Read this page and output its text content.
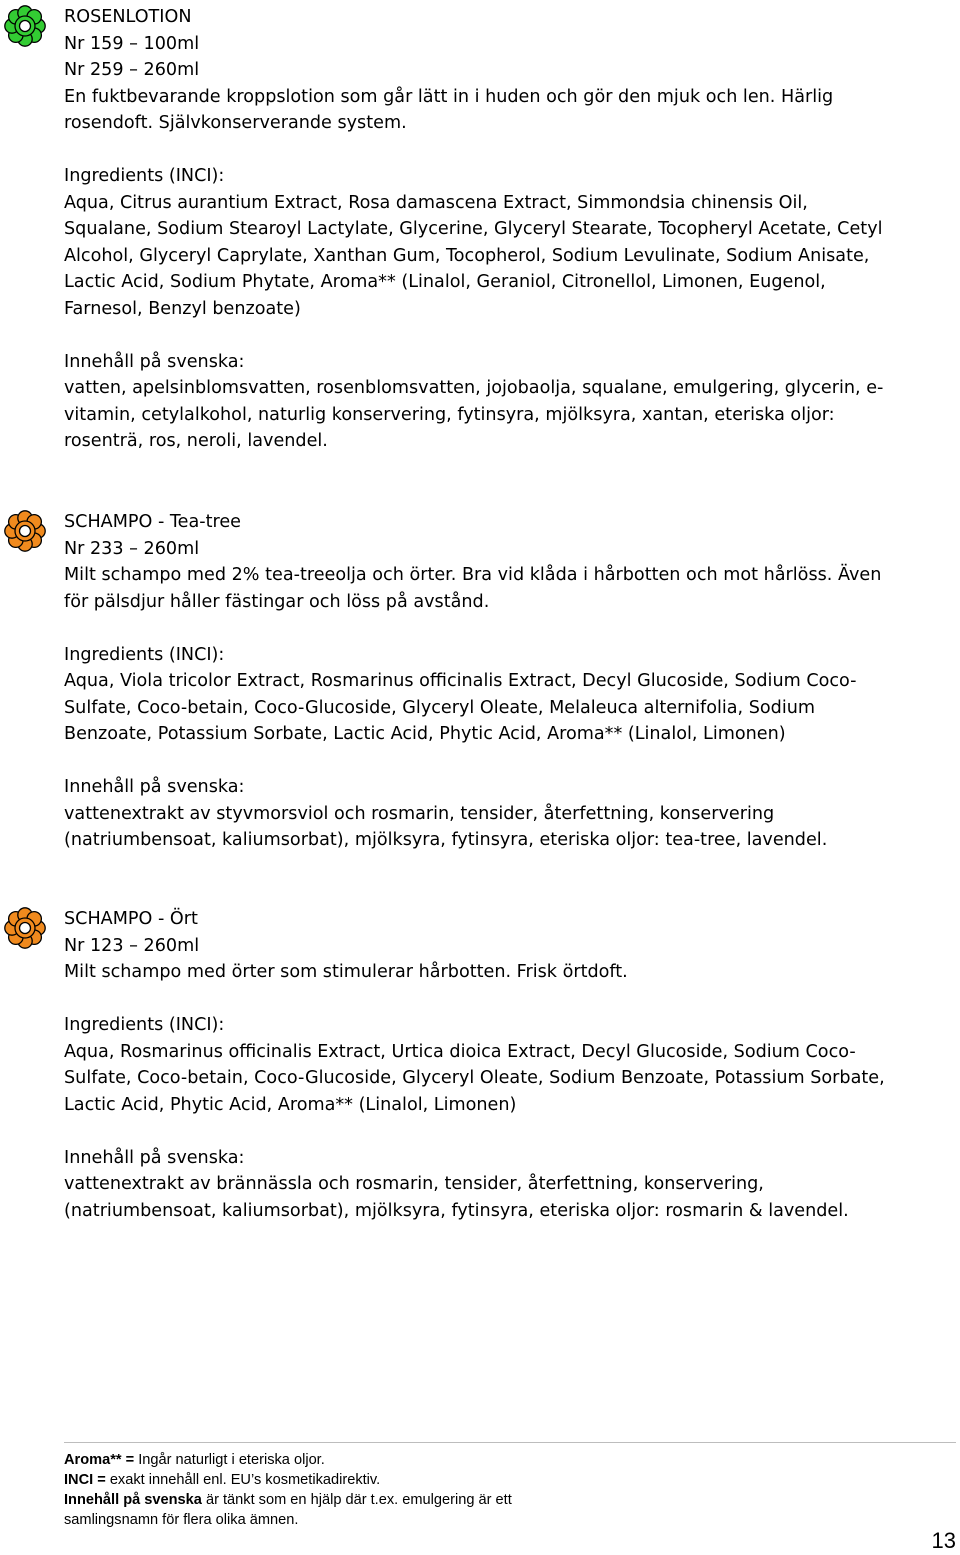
ROSENLOTION
Nr 159 – 100ml
Nr 259 – 260ml
En fuktbevarande kroppslotion som går lätt in i huden och gör den mjuk och len. Härlig
rosendoft. Självkonserverande system.
Ingredients (INCI):
Aqua, Citrus aurantium Extract, Rosa damascena Extract, Simmondsia chinensis Oil,
Squalane, Sodium Stearoyl Lactylate, Glycerine, Glyceryl Stearate, Tocopheryl Acetate, Cetyl
Alcohol, Glyceryl Caprylate, Xanthan Gum, Tocopherol, Sodium Levulinate, Sodium Anisate,
Lactic Acid, Sodium Phytate, Aroma** (Linalol, Geraniol, Citronellol, Limonen, Eugenol,
Farnesol, Benzyl benzoate)
Innehåll på svenska:
vatten, apelsinblomsvatten, rosenblomsvatten, jojobaolja, squalane, emulgering, glycerin, e-
vitamin, cetylalkohol, naturlig konservering, fytinsyra, mjölksyra, xantan, eteriska oljor:
rosenträ, ros, neroli, lavendel.
SCHAMPO - Tea-tree
Nr 233 – 260ml
Milt schampo med 2% tea-treeolja och örter. Bra vid klåda i hårbotten och mot hårlöss. Även
för pälsdjur håller fästingar och löss på avstånd.
Ingredients (INCI):
Aqua, Viola tricolor Extract, Rosmarinus officinalis Extract, Decyl Glucoside, Sodium Coco-
Sulfate, Coco-betain, Coco-Glucoside, Glyceryl Oleate, Melaleuca alternifolia, Sodium
Benzoate, Potassium Sorbate, Lactic Acid, Phytic Acid, Aroma** (Linalol, Limonen)
Innehåll på svenska:
vattenextrakt av styvmorsviol och rosmarin, tensider, återfettning, konservering
(natriumbensoat, kaliumsorbat), mjölksyra, fytinsyra, eteriska oljor: tea-tree, lavendel.
SCHAMPO - Ört
Nr 123 – 260ml
Milt schampo med örter som stimulerar hårbotten. Frisk örtdoft.
Ingredients (INCI):
Aqua, Rosmarinus officinalis Extract, Urtica dioica Extract, Decyl Glucoside, Sodium Coco-
Sulfate, Coco-betain, Coco-Glucoside, Glyceryl Oleate, Sodium Benzoate, Potassium Sorbate,
Lactic Acid, Phytic Acid, Aroma** (Linalol, Limonen)
Innehåll på svenska:
vattenextrakt av brännässla och rosmarin, tensider, återfettning, konservering,
(natriumbensoat, kaliumsorbat), mjölksyra, fytinsyra, eteriska oljor: rosmarin & lavendel.
Aroma** = Ingår naturligt i eteriska oljor.
INCI = exakt innehåll enl. EU’s kosmetikadirektiv.
Innehåll på svenska är tänkt som en hjälp där t.ex. emulgering är ett
samlingsnamn för flera olika ämnen.
13
